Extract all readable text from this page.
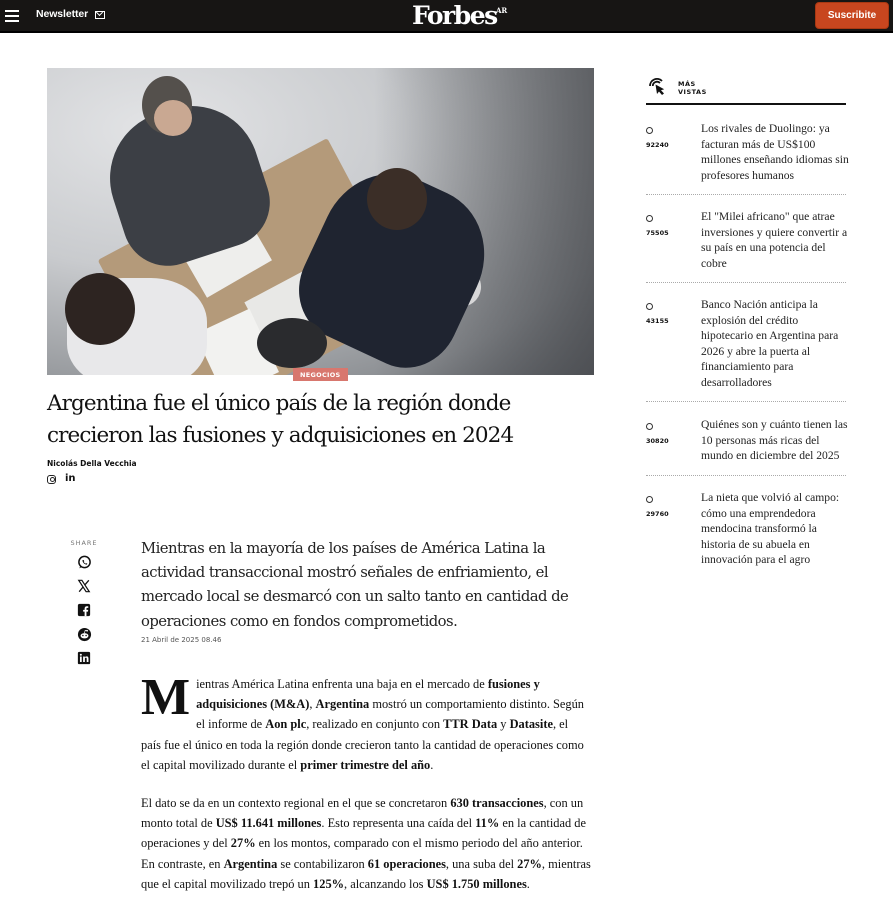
Newsletter	Forbes AR	Suscribite
NEGOCIOS
Argentina fue el único país de la región donde crecieron las fusiones y adquisiciones en 2024
Nicolás Della Vecchia
in
SHARE	Mientras en la mayoría de los países de América Latina la actividad transaccional mostró señales de enfriamiento, el mercado local se desmarcó con un salto tanto en cantidad de operaciones como en fondos comprometidos.

21 Abril de 2025 08.46

Mientras América Latina enfrenta una baja en el mercado de fusiones y adquisiciones (M&A), Argentina mostró un comportamiento distinto. Según el informe de Aon plc, realizado en conjunto con TTR Data y Datasite, el país fue el único en toda la región donde crecieron tanto la cantidad de operaciones como el capital movilizado durante el primer trimestre del año.

El dato se da en un contexto regional en el que se concretaron 630 transacciones, con un monto total de US$ 11.641 millones. Esto representa una caída del 11% en la cantidad de operaciones y del 27% en los montos, comparado con el mismo periodo del año anterior. En contraste, en Argentina se contabilizaron 61 operaciones, una suba del 27%, mientras que el capital movilizado trepó un 125%, alcanzando los US$ 1.750 millones.

MÁS
VISTAS
92240
Los rivales de Duolingo: ya facturan más de US$100 millones enseñando idiomas sin profesores humanos
75505
El "Milei africano" que atrae inversiones y quiere convertir a su país en una potencia del cobre
43155
Banco Nación anticipa la explosión del crédito hipotecario en Argentina para 2026 y abre la puerta al financiamiento para desarrolladores
30820
Quiénes son y cuánto tienen las 10 personas más ricas del mundo en diciembre del 2025
29760
La nieta que volvió al campo: cómo una emprendedora mendocina transformó la historia de su abuela en innovación para el agro
